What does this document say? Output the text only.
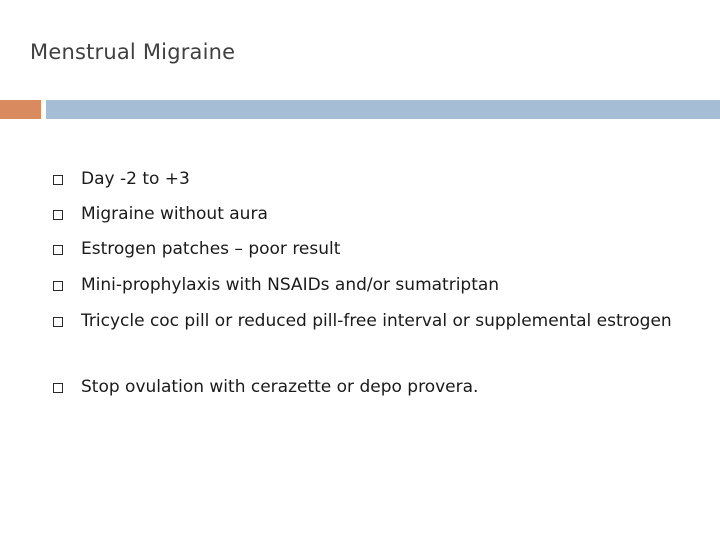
Menstrual Migraine
Day -2 to +3
Migraine without aura
Estrogen patches – poor result
Mini-prophylaxis with NSAIDs and/or sumatriptan
Tricycle coc pill or reduced pill-free interval or supplemental estrogen
Stop ovulation with cerazette or depo provera.
